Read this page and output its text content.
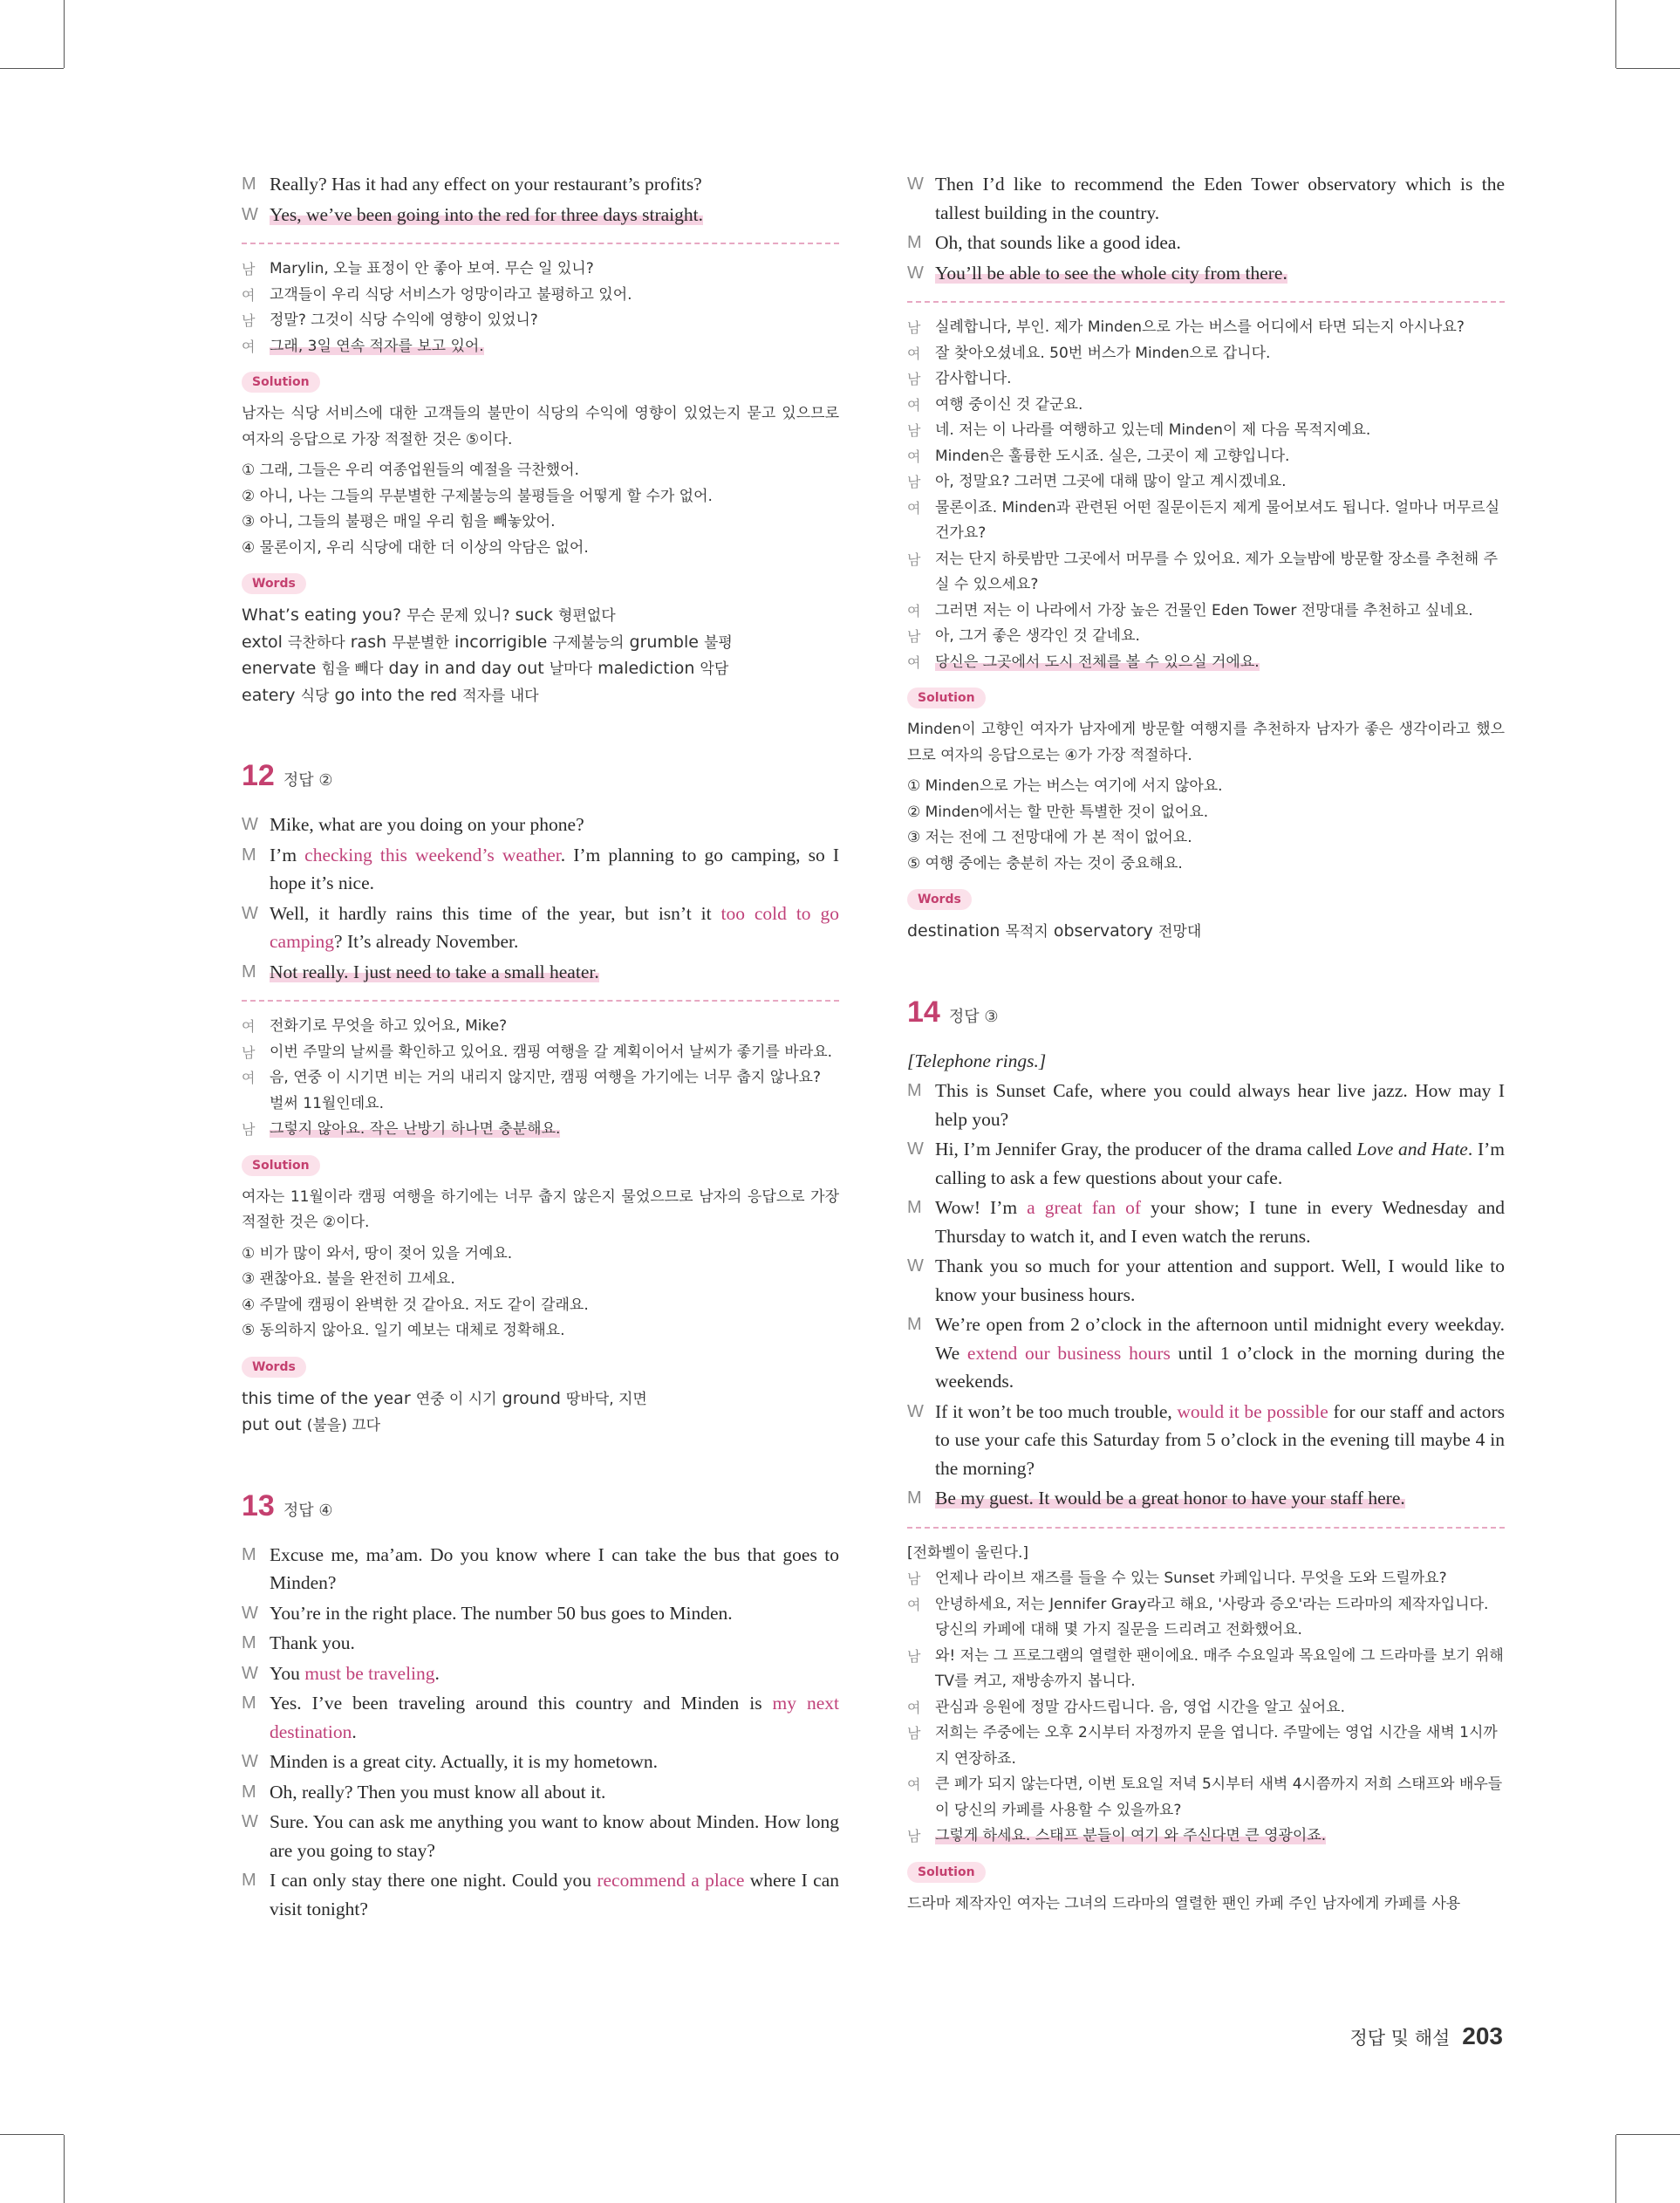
M Really? Has it had any effect on your restaurant’s profits?
W Yes, we’ve been going into the red for three days straight.
남 Marylin, 오늘 표정이 안 좋아 보여. 무슨 일 있니?
여 고객들이 우리 식당 서비스가 엉망이라고 불평하고 있어.
남 정말? 그것이 식당 수익에 영향이 있었니?
여 그래, 3일 연속 적자를 보고 있어.
Solution
남자는 식당 서비스에 대한 고객들의 불만이 식당의 수익에 영향이 있었는지 묻고 있으므로 여자의 응답으로 가장 적절한 것은 ⑤이다.
① 그래, 그들은 우리 여종업원들의 예절을 극찬했어.
② 아니, 나는 그들의 무분별한 구제불능의 불평들을 어떻게 할 수가 없어.
③ 아니, 그들의 불평은 매일 우리 힘을 빼놓았어.
④ 물론이지, 우리 식당에 대한 더 이상의 악담은 없어.
Words
What’s eating you? 무슨 문제 있니? suck 형편없다
extol 극찬하다 rash 무분별한 incorrigible 구제불능의 grumble 불평
enervate 힘을 빼다 day in and day out 날마다 malediction 악담
eatery 식당 go into the red 적자를 내다
12 정답 ②
W Mike, what are you doing on your phone?
M I’m checking this weekend’s weather. I’m planning to go camping, so I hope it’s nice.
W Well, it hardly rains this time of the year, but isn’t it too cold to go camping? It’s already November.
M Not really. I just need to take a small heater.
여 전화기로 무엇을 하고 있어요, Mike?
남 이번 주말의 날씨를 확인하고 있어요. 캠핑 여행을 갈 계획이어서 날씨가 좋기를 바라요.
여 음, 연중 이 시기면 비는 거의 내리지 않지만, 캠핑 여행을 가기에는 너무 춥지 않나요? 벌써 11월인데요.
남 그렇지 않아요. 작은 난방기 하나면 충분해요.
Solution
여자는 11월이라 캠핑 여행을 하기에는 너무 춥지 않은지 물었으므로 남자의 응답으로 가장 적절한 것은 ②이다.
① 비가 많이 와서, 땅이 젖어 있을 거예요.
③ 괜찮아요. 불을 완전히 끄세요.
④ 주말에 캠핑이 완벽한 것 같아요. 저도 같이 갈래요.
⑤ 동의하지 않아요. 일기 예보는 대체로 정확해요.
Words
this time of the year 연중 이 시기 ground 땅바닥, 지면
put out (불을) 끄다
13 정답 ④
M Excuse me, ma’am. Do you know where I can take the bus that goes to Minden?
W You’re in the right place. The number 50 bus goes to Minden.
M Thank you.
W You must be traveling.
M Yes. I’ve been traveling around this country and Minden is my next destination.
W Minden is a great city. Actually, it is my hometown.
M Oh, really? Then you must know all about it.
W Sure. You can ask me anything you want to know about Minden. How long are you going to stay?
M I can only stay there one night. Could you recommend a place where I can visit tonight?
W Then I’d like to recommend the Eden Tower observatory which is the tallest building in the country.
M Oh, that sounds like a good idea.
W You’ll be able to see the whole city from there.
남 실례합니다, 부인. 제가 Minden으로 가는 버스를 어디에서 타면 되는지 아시나요?
여 잘 찾아오셨네요. 50번 버스가 Minden으로 갑니다.
남 감사합니다.
여 여행 중이신 것 같군요.
남 네. 저는 이 나라를 여행하고 있는데 Minden이 제 다음 목적지예요.
여 Minden은 훌륭한 도시죠. 실은, 그곳이 제 고향입니다.
남 아, 정말요? 그러면 그곳에 대해 많이 알고 계시겠네요.
여 물론이죠. Minden과 관련된 어떤 질문이든지 제게 물어보셔도 됩니다. 얼마나 머무르실 건가요?
남 저는 단지 하룻밤만 그곳에서 머무를 수 있어요. 제가 오늘밤에 방문할 장소를 추천해 주실 수 있으세요?
여 그러면 저는 이 나라에서 가장 높은 건물인 Eden Tower 전망대를 추천하고 싶네요.
남 아, 그거 좋은 생각인 것 같네요.
여 당신은 그곳에서 도시 전체를 볼 수 있으실 거에요.
Solution
Minden이 고향인 여자가 남자에게 방문할 여행지를 추천하자 남자가 좋은 생각이라고 했으므로 여자의 응답으로는 ④가 가장 적절하다.
① Minden으로 가는 버스는 여기에 서지 않아요.
② Minden에서는 할 만한 특별한 것이 없어요.
③ 저는 전에 그 전망대에 가 본 적이 없어요.
⑤ 여행 중에는 충분히 자는 것이 중요해요.
Words
destination 목적지 observatory 전망대
14 정답 ③
[Telephone rings.]
M This is Sunset Cafe, where you could always hear live jazz. How may I help you?
W Hi, I’m Jennifer Gray, the producer of the drama called Love and Hate. I’m calling to ask a few questions about your cafe.
M Wow! I’m a great fan of your show; I tune in every Wednesday and Thursday to watch it, and I even watch the reruns.
W Thank you so much for your attention and support. Well, I would like to know your business hours.
M We’re open from 2 o’clock in the afternoon until midnight every weekday. We extend our business hours until 1 o’clock in the morning during the weekends.
W If it won’t be too much trouble, would it be possible for our staff and actors to use your cafe this Saturday from 5 o’clock in the evening till maybe 4 in the morning?
M Be my guest. It would be a great honor to have your staff here.
[전화벨이 울린다.]
남 언제나 라이브 재즈를 들을 수 있는 Sunset 카페입니다. 무엇을 도와 드릴까요?
여 안녕하세요, 저는 Jennifer Gray라고 해요, '사랑과 증오'라는 드라마의 제작자입니다. 당신의 카페에 대해 몇 가지 질문을 드리려고 전화했어요.
남 와! 저는 그 프로그램의 열렬한 팬이에요. 매주 수요일과 목요일에 그 드라마를 보기 위해 TV를 켜고, 재방송까지 봅니다.
여 관심과 응원에 정말 감사드립니다. 음, 영업 시간을 알고 싶어요.
남 저희는 주중에는 오후 2시부터 자정까지 문을 엽니다. 주말에는 영업 시간을 새벽 1시까지 연장하죠.
여 큰 폐가 되지 않는다면, 이번 토요일 저녁 5시부터 새벽 4시쯤까지 저희 스태프와 배우들이 당신의 카페를 사용할 수 있을까요?
남 그렇게 하세요. 스태프 분들이 여기 와 주신다면 큰 영광이죠.
Solution
드라마 제작자인 여자는 그녀의 드라마의 열렬한 팬인 카페 주인 남자에게 카페를 사용
정답 및 해설 203
